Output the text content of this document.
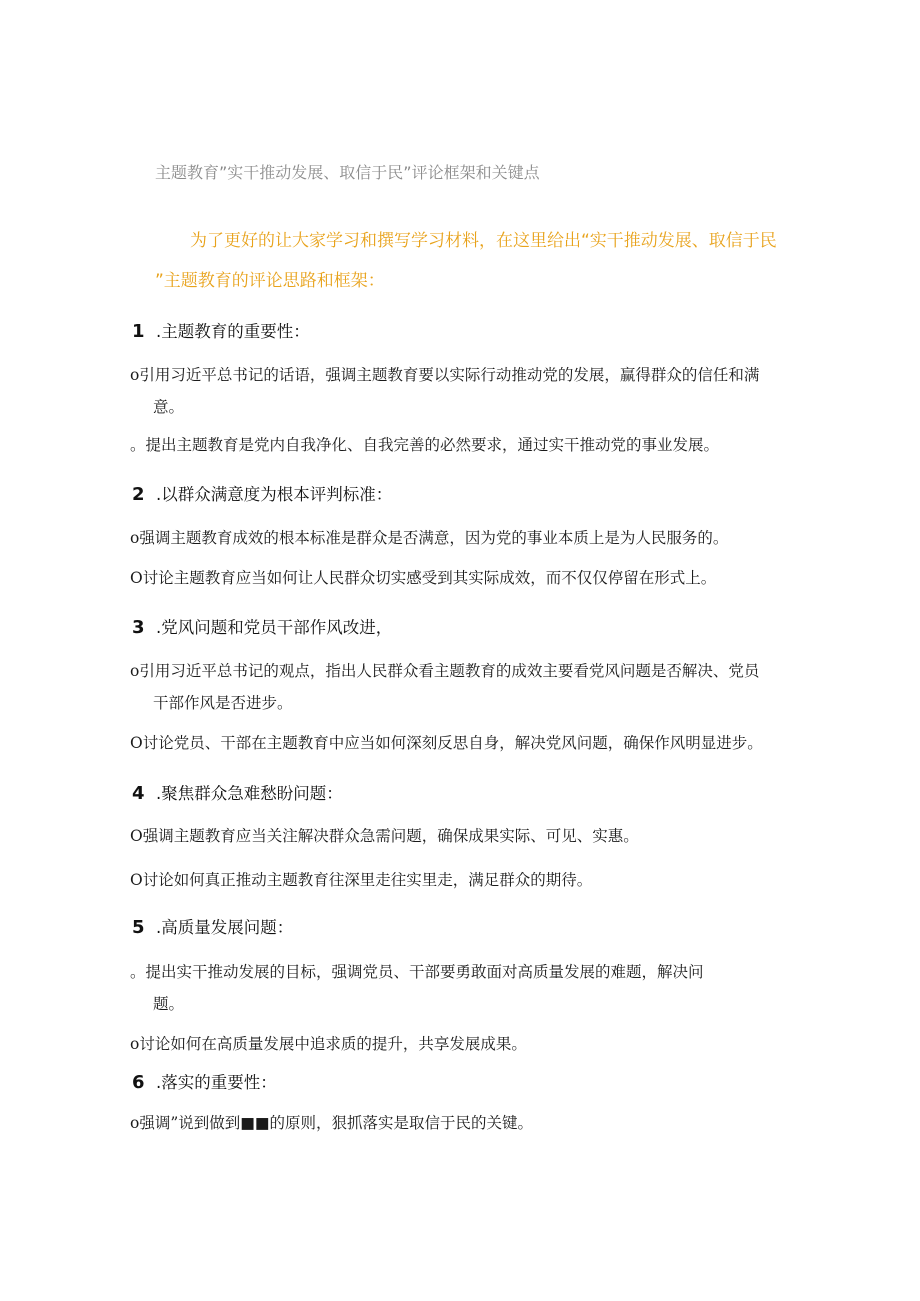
主题教育”实干推动发展、取信于民”评论框架和关键点
为了更好的让大家学习和撰写学习材料，在这里给出“实干推动发展、取信于民
”主题教育的评论思路和框架：
1 .主题教育的重要性：
o引用习近平总书记的话语，强调主题教育要以实际行动推动党的发展，赢得群众的信任和满
意。
。提出主题教育是党内自我净化、自我完善的必然要求，通过实干推动党的事业发展。
2 .以群众满意度为根本评判标准：
o强调主题教育成效的根本标准是群众是否满意，因为党的事业本质上是为人民服务的。
O讨论主题教育应当如何让人民群众切实感受到其实际成效，而不仅仅停留在形式上。
3 .党风问题和党员干部作风改进，
o引用习近平总书记的观点，指出人民群众看主题教育的成效主要看党风问题是否解决、党员
干部作风是否进步。
O讨论党员、干部在主题教育中应当如何深刻反思自身，解决党风问题，确保作风明显进步。
4 .聚焦群众急难愁盼问题：
O强调主题教育应当关注解决群众急需问题，确保成果实际、可见、实惠。
O讨论如何真正推动主题教育往深里走往实里走，满足群众的期待。
5 .高质量发展问题：
。提出实干推动发展的目标，强调党员、干部要勇敢面对高质量发展的难题，解决问
题。
o讨论如何在高质量发展中追求质的提升，共享发展成果。
6 .落实的重要性：
o强调”说到做到■■的原则，狠抓落实是取信于民的关键。
